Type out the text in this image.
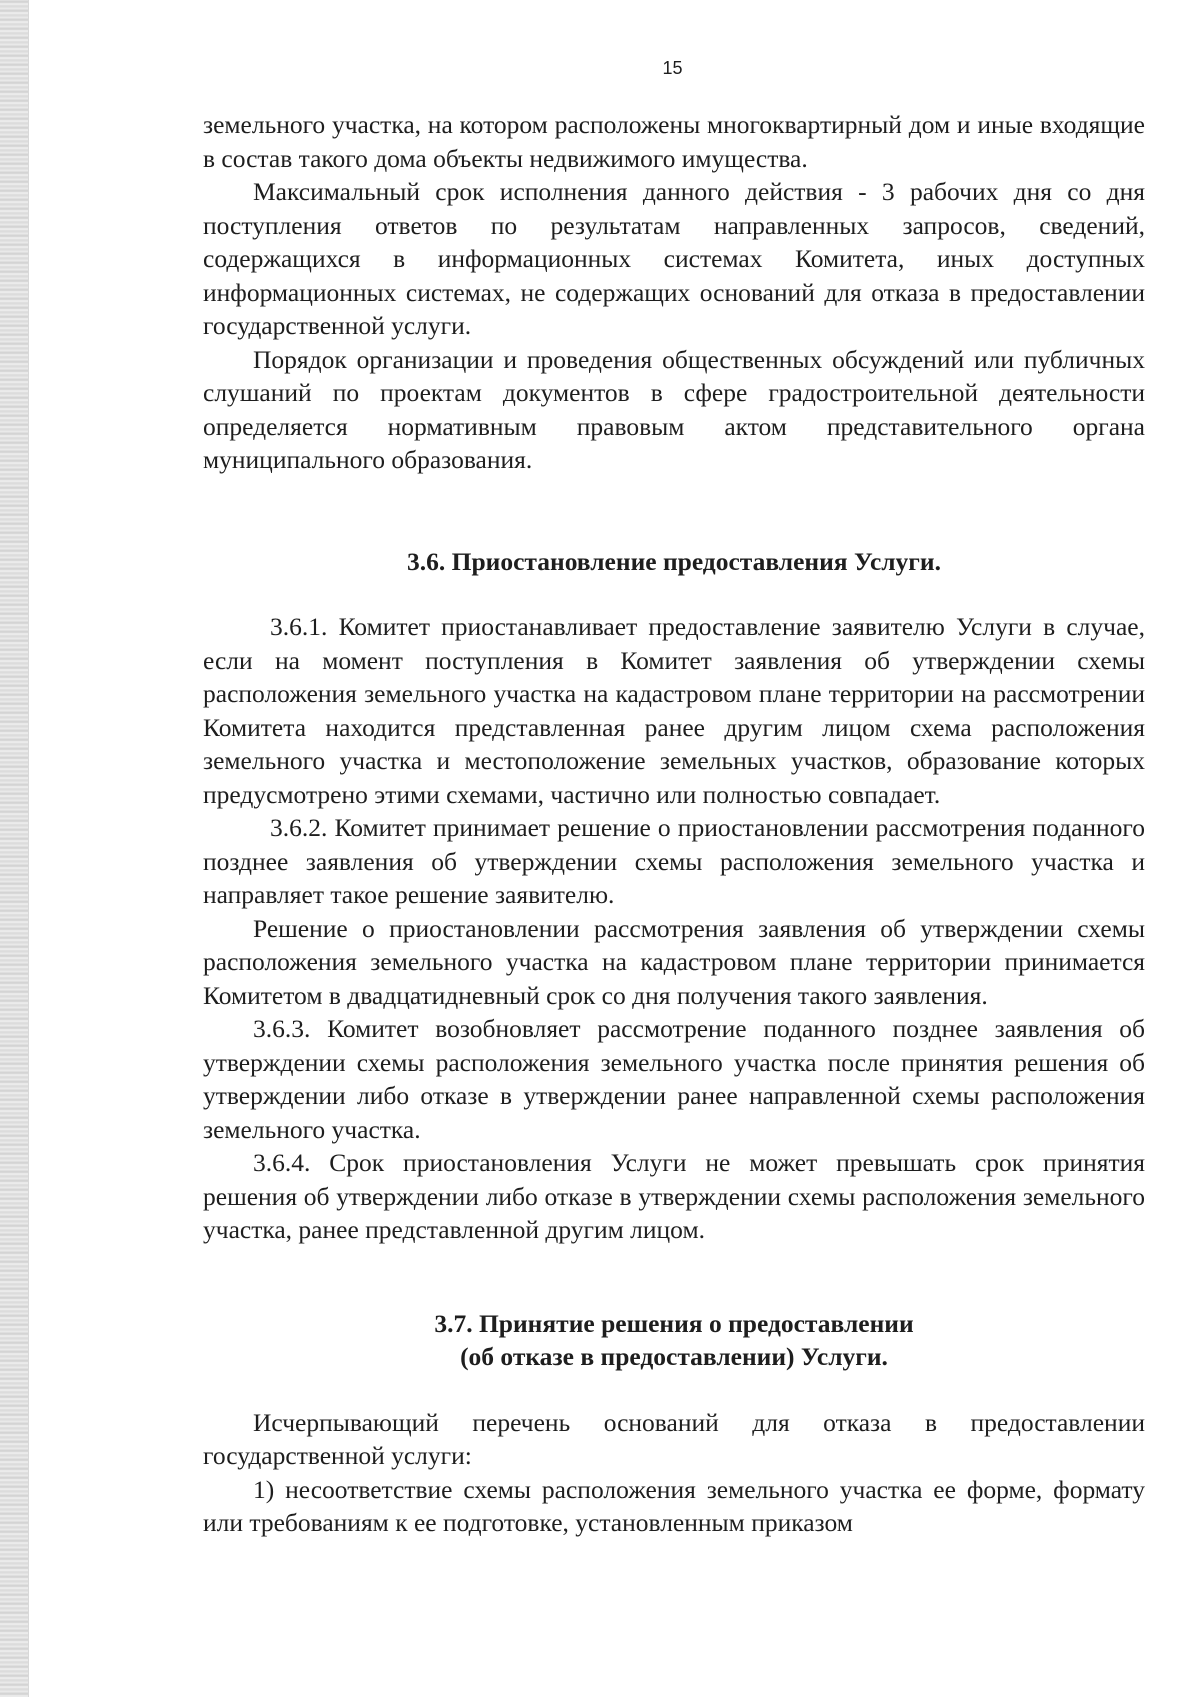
15

земельного участка, на котором расположены многоквартирный дом и иные входящие в состав такого дома объекты недвижимого имущества.

Максимальный срок исполнения данного действия - 3 рабочих дня со дня поступления ответов по результатам направленных запросов, сведений, содержащихся в информационных системах Комитета, иных доступных информационных системах, не содержащих оснований для отказа в предоставлении государственной услуги.

Порядок организации и проведения общественных обсуждений или публичных слушаний по проектам документов в сфере градостроительной деятельности определяется нормативным правовым актом представительного органа муниципального образования.

3.6. Приостановление предоставления Услуги.

3.6.1. Комитет приостанавливает предоставление заявителю Услуги в случае, если на момент поступления в Комитет заявления об утверждении схемы расположения земельного участка на кадастровом плане территории на рассмотрении Комитета находится представленная ранее другим лицом схема расположения земельного участка и местоположение земельных участков, образование которых предусмотрено этими схемами, частично или полностью совпадает.

3.6.2. Комитет принимает решение о приостановлении рассмотрения поданного позднее заявления об утверждении схемы расположения земельного участка и направляет такое решение заявителю.

Решение о приостановлении рассмотрения заявления об утверждении схемы расположения земельного участка на кадастровом плане территории принимается Комитетом в двадцатидневный срок со дня получения такого заявления.

3.6.3. Комитет возобновляет рассмотрение поданного позднее заявления об утверждении схемы расположения земельного участка после принятия решения об утверждении либо отказе в утверждении ранее направленной схемы расположения земельного участка.

3.6.4. Срок приостановления Услуги не может превышать срок принятия решения об утверждении либо отказе в утверждении схемы расположения земельного участка, ранее представленной другим лицом.

3.7. Принятие решения о предоставлении
(об отказе в предоставлении) Услуги.

Исчерпывающий перечень оснований для отказа в предоставлении государственной услуги:

1) несоответствие схемы расположения земельного участка ее форме, формату или требованиям к ее подготовке, установленным приказом
